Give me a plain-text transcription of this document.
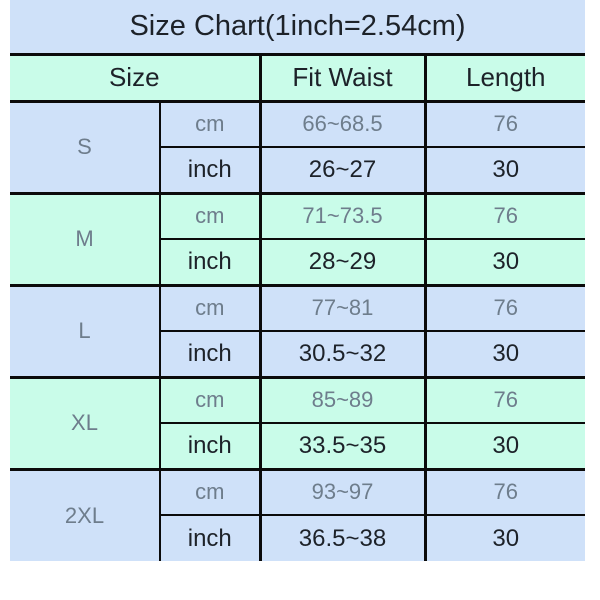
Size Chart(1inch=2.54cm)			
Size		Fit Waist	Length
S	cm	66~68.5	76
	inch	26~27	30
M	cm	71~73.5	76
	inch	28~29	30
L	cm	77~81	76
	inch	30.5~32	30
XL	cm	85~89	76
	inch	33.5~35	30
2XL	cm	93~97	76
	inch	36.5~38	30
